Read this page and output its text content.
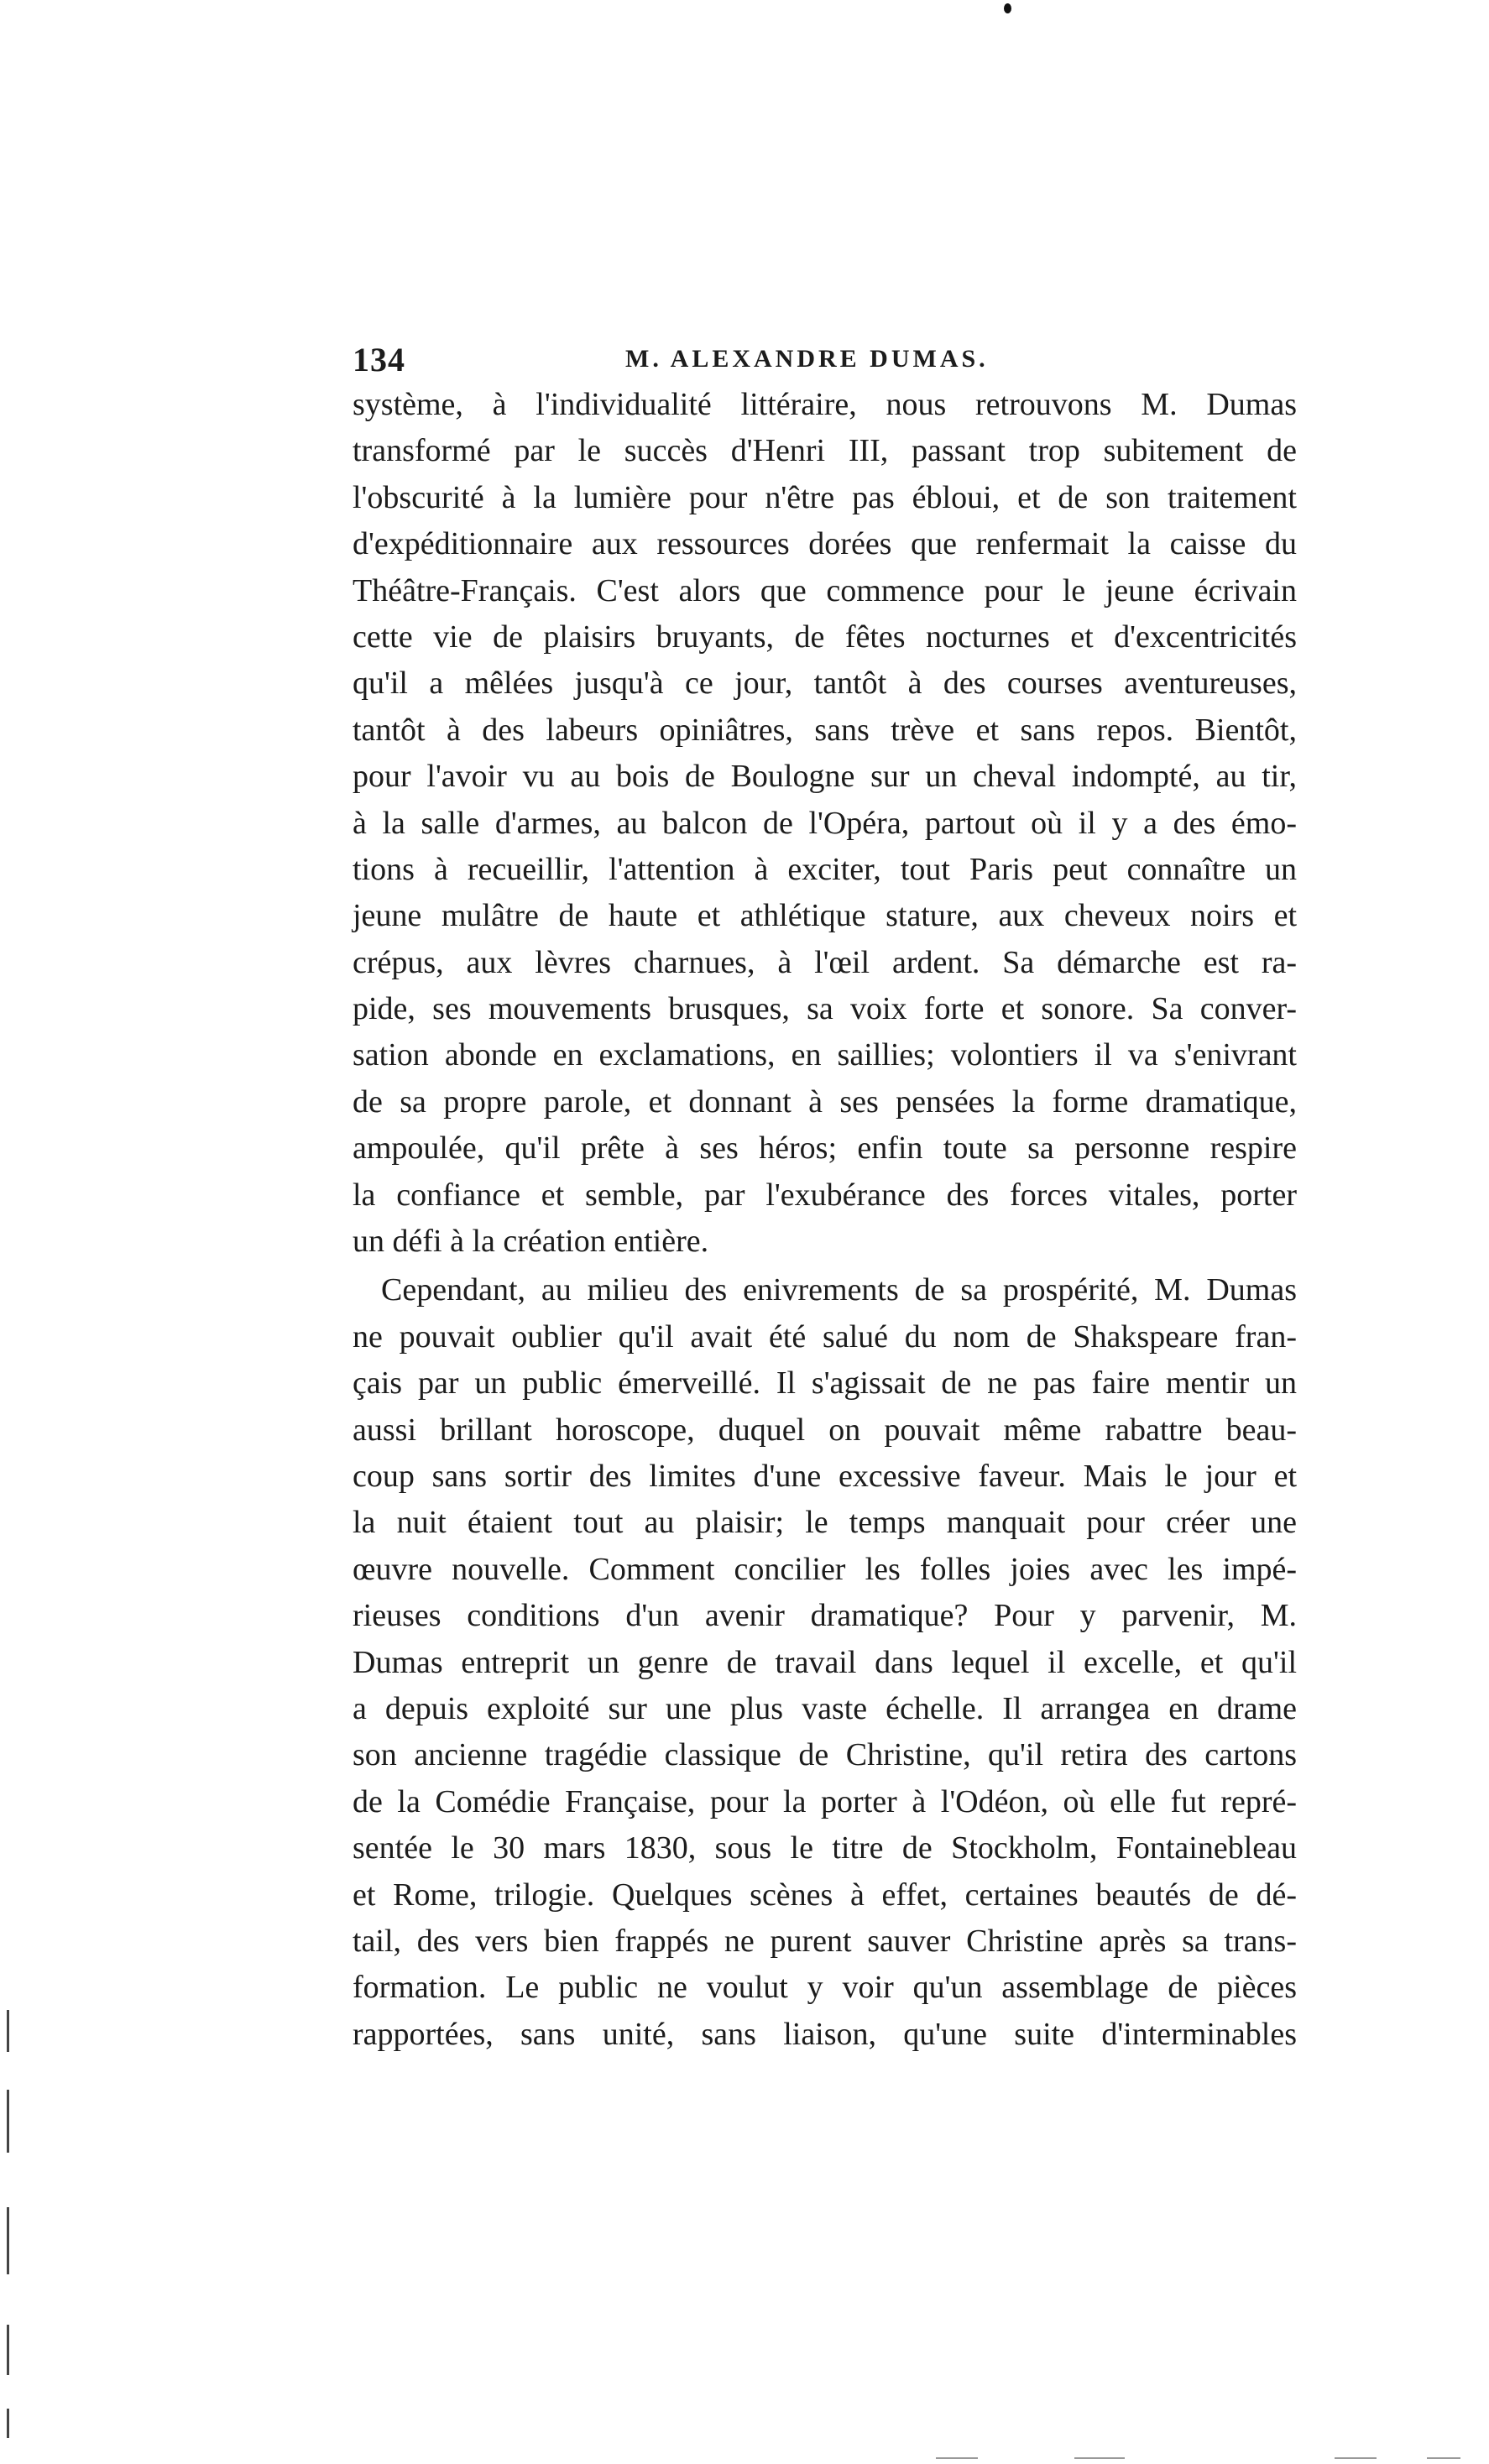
134	M. ALEXANDRE DUMAS.
système, à l'individualité littéraire, nous retrouvons M. Dumas
transformé par le succès d'Henri III, passant trop subitement de
l'obscurité à la lumière pour n'être pas ébloui, et de son traitement
d'expéditionnaire aux ressources dorées que renfermait la caisse du
Théâtre-Français. C'est alors que commence pour le jeune écrivain
cette vie de plaisirs bruyants, de fêtes nocturnes et d'excentricités
qu'il a mêlées jusqu'à ce jour, tantôt à des courses aventureuses,
tantôt à des labeurs opiniâtres, sans trève et sans repos. Bientôt,
pour l'avoir vu au bois de Boulogne sur un cheval indompté, au tir,
à la salle d'armes, au balcon de l'Opéra, partout où il y a des émo-
tions à recueillir, l'attention à exciter, tout Paris peut connaître un
jeune mulâtre de haute et athlétique stature, aux cheveux noirs et
crépus, aux lèvres charnues, à l'œil ardent. Sa démarche est ra-
pide, ses mouvements brusques, sa voix forte et sonore. Sa conver-
sation abonde en exclamations, en saillies; volontiers il va s'enivrant
de sa propre parole, et donnant à ses pensées la forme dramatique,
ampoulée, qu'il prête à ses héros; enfin toute sa personne respire
la confiance et semble, par l'exubérance des forces vitales, porter
un défi à la création entière.
Cependant, au milieu des enivrements de sa prospérité, M. Dumas
ne pouvait oublier qu'il avait été salué du nom de Shakspeare fran-
çais par un public émerveillé. Il s'agissait de ne pas faire mentir un
aussi brillant horoscope, duquel on pouvait même rabattre beau-
coup sans sortir des limites d'une excessive faveur. Mais le jour et
la nuit étaient tout au plaisir; le temps manquait pour créer une
œuvre nouvelle. Comment concilier les folles joies avec les impé-
rieuses conditions d'un avenir dramatique? Pour y parvenir, M.
Dumas entreprit un genre de travail dans lequel il excelle, et qu'il
a depuis exploité sur une plus vaste échelle. Il arrangea en drame
son ancienne tragédie classique de Christine, qu'il retira des cartons
de la Comédie Française, pour la porter à l'Odéon, où elle fut repré-
sentée le 30 mars 1830, sous le titre de Stockholm, Fontainebleau
et Rome, trilogie. Quelques scènes à effet, certaines beautés de dé-
tail, des vers bien frappés ne purent sauver Christine après sa trans-
formation. Le public ne voulut y voir qu'un assemblage de pièces
rapportées, sans unité, sans liaison, qu'une suite d'interminables
